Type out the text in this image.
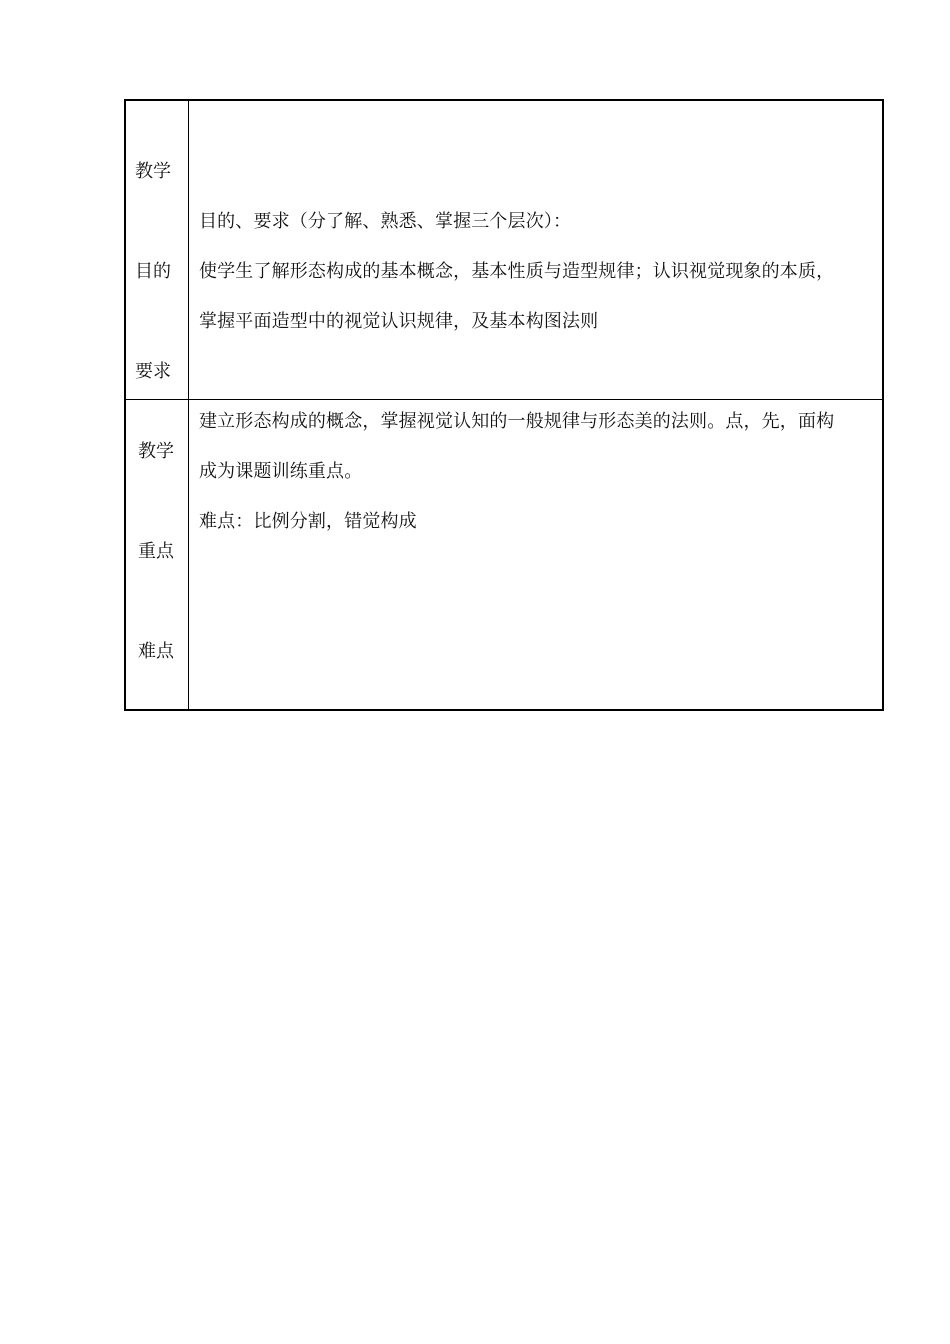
教学
目的
要求
目的、要求（分了解、熟悉、掌握三个层次）：
使学生了解形态构成的基本概念，基本性质与造型规律；认识视觉现象的本质，
掌握平面造型中的视觉认识规律，及基本构图法则
教学
重点
难点
建立形态构成的概念，掌握视觉认知的一般规律与形态美的法则。点，先，面构
成为课题训练重点。
难点：比例分割，错觉构成
